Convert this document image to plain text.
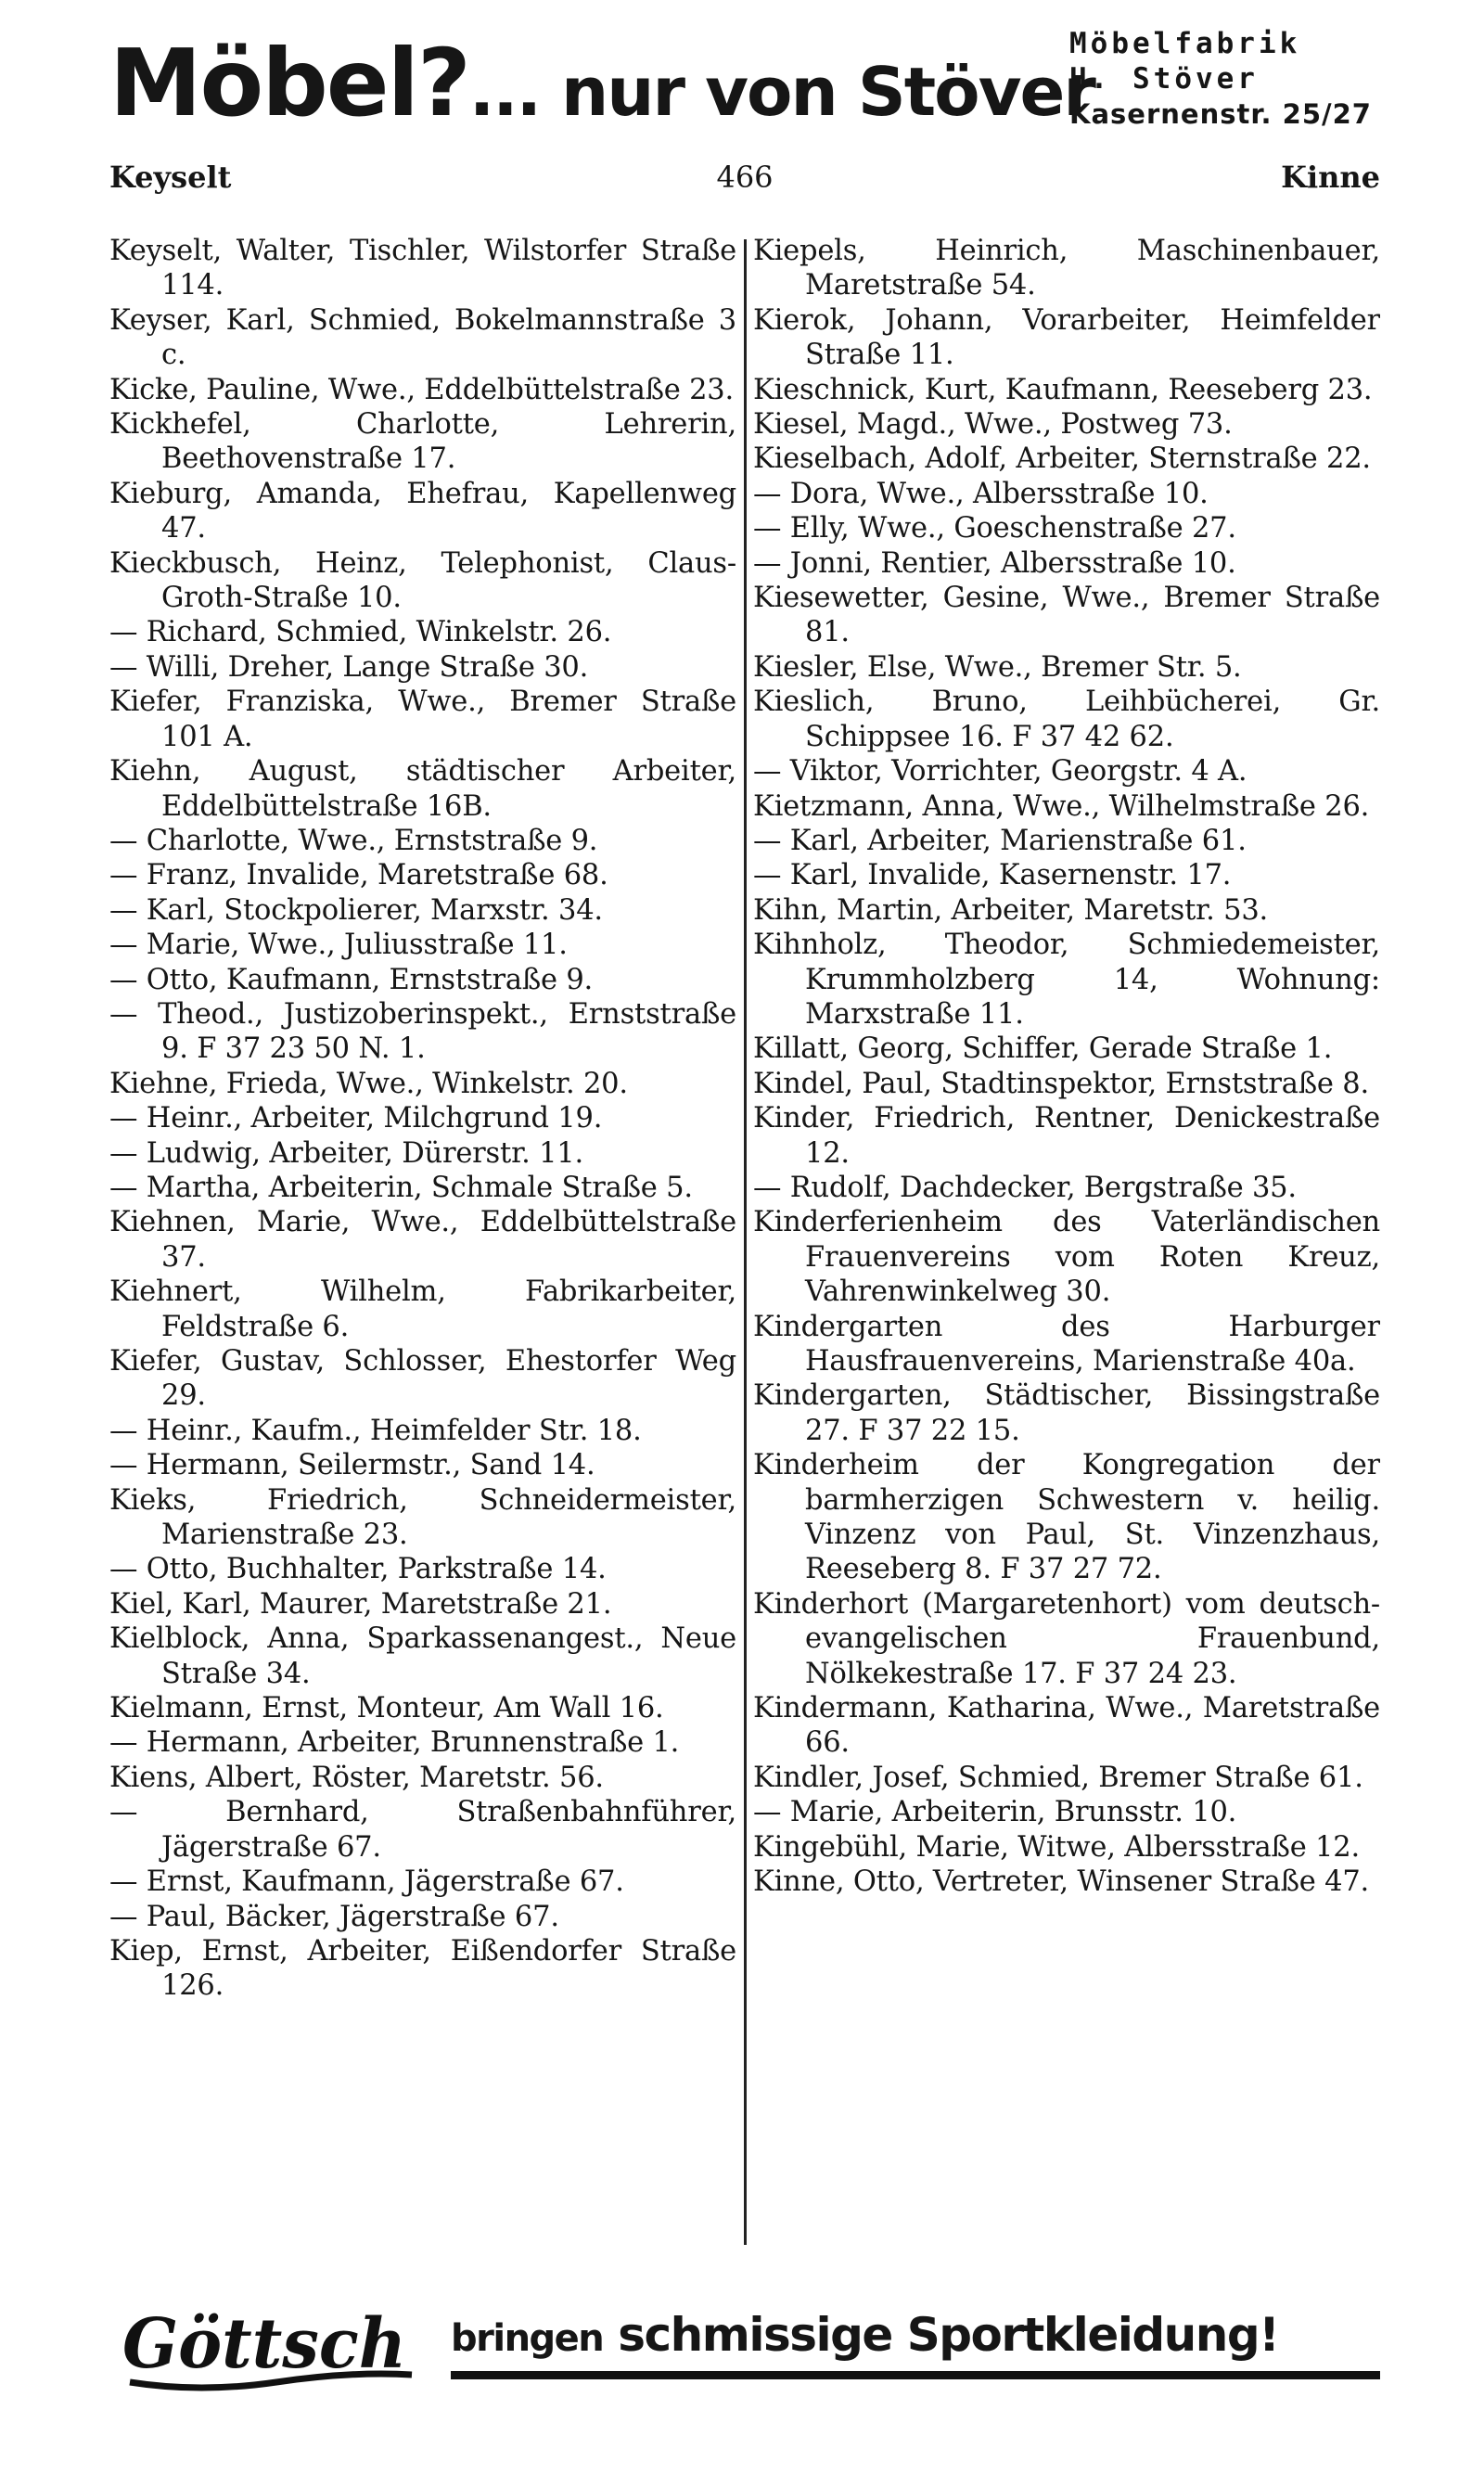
Möbel?... nur von Stöver
Möbelfabrik
H. Stöver
Kasernenstr. 25/27
466
Keyselt	Kinne

Keyselt, Walter, Tischler, Wilstorfer Straße 114.

Keyser, Karl, Schmied, Bokelmannstraße 3 c.

Kicke, Pauline, Wwe., Eddelbüttelstraße 23.

Kickhefel, Charlotte, Lehrerin, Beethovenstraße 17.

Kieburg, Amanda, Ehefrau, Kapellenweg 47.

Kieckbusch, Heinz, Telephonist, Claus-Groth-Straße 10.

— Richard, Schmied, Winkelstr. 26.

— Willi, Dreher, Lange Straße 30.

Kiefer, Franziska, Wwe., Bremer Straße 101 A.

Kiehn, August, städtischer Arbeiter, Eddelbüttelstraße 16B.

— Charlotte, Wwe., Ernststraße 9.

— Franz, Invalide, Maretstraße 68.

— Karl, Stockpolierer, Marxstr. 34.

— Marie, Wwe., Juliusstraße 11.

— Otto, Kaufmann, Ernststraße 9.

— Theod., Justizoberinspekt., Ernststraße 9. F 37 23 50 N. 1.

Kiehne, Frieda, Wwe., Winkelstr. 20.

— Heinr., Arbeiter, Milchgrund 19.

— Ludwig, Arbeiter, Dürerstr. 11.

— Martha, Arbeiterin, Schmale Straße 5.

Kiehnen, Marie, Wwe., Eddelbüttelstraße 37.

Kiehnert, Wilhelm, Fabrikarbeiter, Feldstraße 6.

Kiefer, Gustav, Schlosser, Ehestorfer Weg 29.

— Heinr., Kaufm., Heimfelder Str. 18.

— Hermann, Seilermstr., Sand 14.

Kieks, Friedrich, Schneidermeister, Marienstraße 23.

— Otto, Buchhalter, Parkstraße 14.

Kiel, Karl, Maurer, Maretstraße 21.

Kielblock, Anna, Sparkassenangest., Neue Straße 34.

Kielmann, Ernst, Monteur, Am Wall 16.

— Hermann, Arbeiter, Brunnenstraße 1.

Kiens, Albert, Röster, Maretstr. 56.

— Bernhard, Straßenbahnführer, Jägerstraße 67.

— Ernst, Kaufmann, Jägerstraße 67.

— Paul, Bäcker, Jägerstraße 67.

Kiep, Ernst, Arbeiter, Eißendorfer Straße 126.

Kiepels, Heinrich, Maschinenbauer, Maretstraße 54.

Kierok, Johann, Vorarbeiter, Heimfelder Straße 11.

Kieschnick, Kurt, Kaufmann, Reeseberg 23.

Kiesel, Magd., Wwe., Postweg 73.

Kieselbach, Adolf, Arbeiter, Sternstraße 22.

— Dora, Wwe., Albersstraße 10.

— Elly, Wwe., Goeschenstraße 27.

— Jonni, Rentier, Albersstraße 10.

Kiesewetter, Gesine, Wwe., Bremer Straße 81.

Kiesler, Else, Wwe., Bremer Str. 5.

Kieslich, Bruno, Leihbücherei, Gr. Schippsee 16. F 37 42 62.

— Viktor, Vorrichter, Georgstr. 4 A.

Kietzmann, Anna, Wwe., Wilhelmstraße 26.

— Karl, Arbeiter, Marienstraße 61.

— Karl, Invalide, Kasernenstr. 17.

Kihn, Martin, Arbeiter, Maretstr. 53.

Kihnholz, Theodor, Schmiedemeister, Krummholzberg 14, Wohnung: Marxstraße 11.

Killatt, Georg, Schiffer, Gerade Straße 1.

Kindel, Paul, Stadtinspektor, Ernststraße 8.

Kinder, Friedrich, Rentner, Denickestraße 12.

— Rudolf, Dachdecker, Bergstraße 35.

Kinderferienheim des Vaterländischen Frauenvereins vom Roten Kreuz, Vahrenwinkelweg 30.

Kindergarten des Harburger Hausfrauenvereins, Marienstraße 40a.

Kindergarten, Städtischer, Bissingstraße 27. F 37 22 15.

Kinderheim der Kongregation der barmherzigen Schwestern v. heilig. Vinzenz von Paul, St. Vinzenzhaus, Reeseberg 8. F 37 27 72.

Kinderhort (Margaretenhort) vom deutsch-evangelischen Frauenbund, Nölkekestraße 17. F 37 24 23.

Kindermann, Katharina, Wwe., Maretstraße 66.

Kindler, Josef, Schmied, Bremer Straße 61.

— Marie, Arbeiterin, Brunsstr. 10.

Kingebühl, Marie, Witwe, Albersstraße 12.

Kinne, Otto, Vertreter, Winsener Straße 47.

Göttsch bringen schmissige Sportkleidung!
